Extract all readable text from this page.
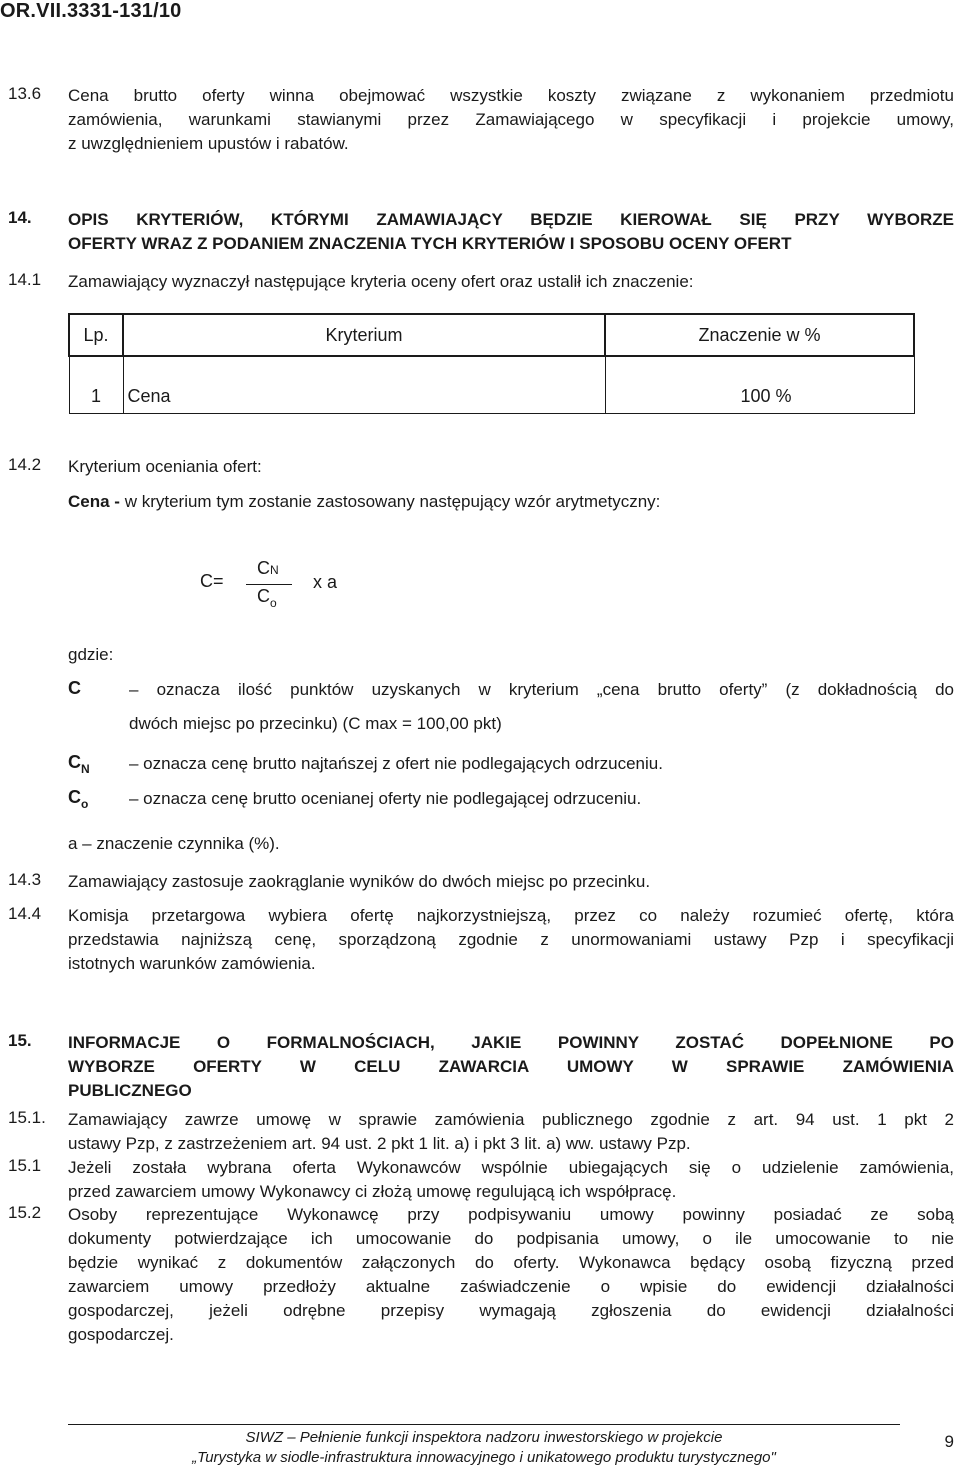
OR.VII.3331-131/10
13.6 Cena brutto oferty winna obejmować wszystkie koszty związane z wykonaniem przedmiotu
zamówienia, warunkami stawianymi przez Zamawiającego w specyfikacji i projekcie umowy,
z uwzględnieniem upustów i rabatów.
14. OPIS KRYTERIÓW, KTÓRYMI ZAMAWIAJĄCY BĘDZIE KIEROWAŁ SIĘ PRZY WYBORZE
OFERTY WRAZ Z PODANIEM ZNACZENIA TYCH KRYTERIÓW I SPOSOBU OCENY OFERT
14.1 Zamawiający wyznaczył następujące kryteria oceny ofert oraz ustalił ich znaczenie:
Lp.	Kryterium	Znaczenie w %
1	Cena	100 %
14.2 Kryterium oceniania ofert:
Cena - w kryterium tym zostanie zastosowany następujący wzór arytmetyczny:
C=
CN
$C_o$
x a
gdzie:
C	– oznacza ilość punktów uzyskanych w kryterium „cena brutto oferty” (z dokładnością do
dwóch miejsc po przecinku) (C max = 100,00 pkt)
$C_N$ – oznacza cenę brutto najtańszej z ofert nie podlegających odrzuceniu.
$C_o$ – oznacza cenę brutto ocenianej oferty nie podlegającej odrzuceniu.
a – znaczenie czynnika (%).
14.3 Zamawiający zastosuje zaokrąglanie wyników do dwóch miejsc po przecinku.
14.4 Komisja przetargowa wybiera ofertę najkorzystniejszą, przez co należy rozumieć ofertę, która
przedstawia najniższą cenę, sporządzoną zgodnie z unormowaniami ustawy Pzp i specyfikacji
istotnych warunków zamówienia.
15. INFORMACJE O FORMALNOŚCIACH, JAKIE POWINNY ZOSTAĆ DOPEŁNIONE PO
WYBORZE OFERTY W CELU ZAWARCIA UMOWY W SPRAWIE ZAMÓWIENIA
PUBLICZNEGO
15.1. Zamawiający zawrze umowę w sprawie zamówienia publicznego zgodnie z art. 94 ust. 1 pkt 2
ustawy Pzp, z zastrzeżeniem art. 94 ust. 2 pkt 1 lit. a) i pkt 3 lit. a) ww. ustawy Pzp.
15.1 Jeżeli została wybrana oferta Wykonawców wspólnie ubiegających się o udzielenie zamówienia,
przed zawarciem umowy Wykonawcy ci złożą umowę regulującą ich współpracę.
15.2 Osoby reprezentujące Wykonawcę przy podpisywaniu umowy powinny posiadać ze sobą
dokumenty potwierdzające ich umocowanie do podpisania umowy, o ile umocowanie to nie
będzie wynikać z dokumentów załączonych do oferty. Wykonawca będący osobą fizyczną przed
zawarciem umowy przedłoży aktualne zaświadczenie o wpisie do ewidencji działalności
gospodarczej, jeżeli odrębne przepisy wymagają zgłoszenia do ewidencji działalności
gospodarczej.
SIWZ – Pełnienie funkcji inspektora nadzoru inwestorskiego w projekcie
„Turystyka w siodle-infrastruktura innowacyjnego i unikatowego produktu turystycznego"
9
